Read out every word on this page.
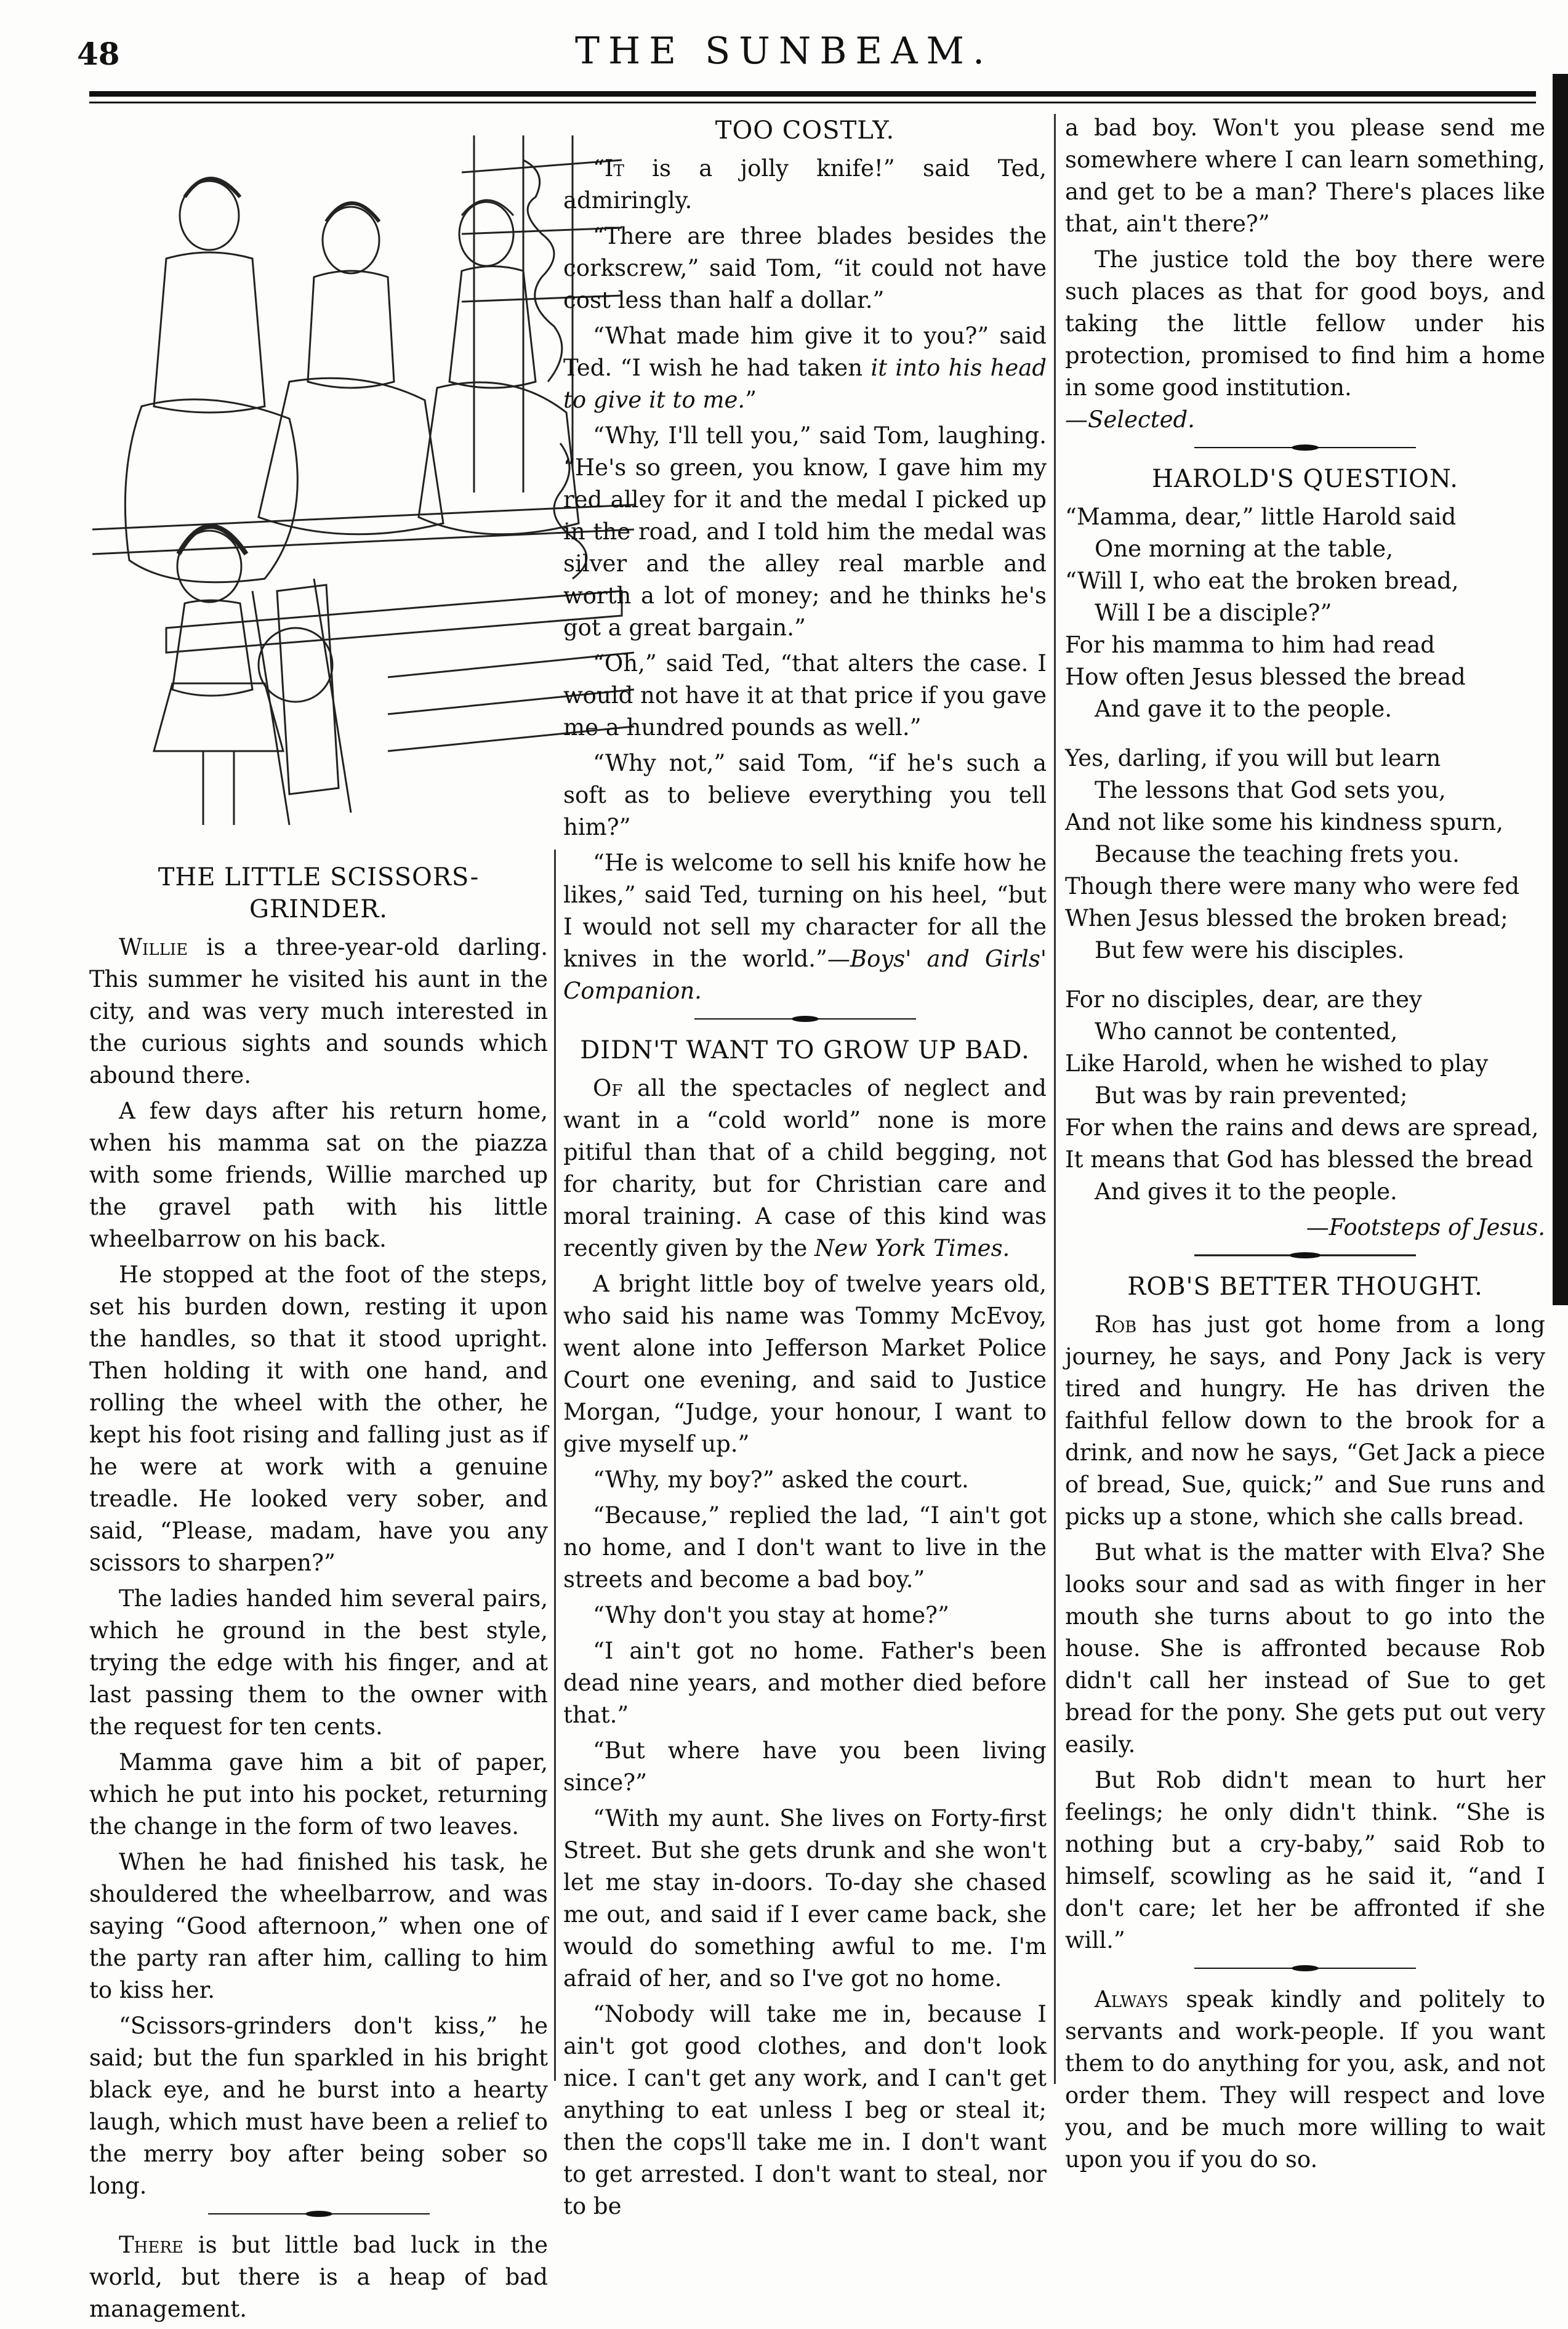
48	THE SUNBEAM.
THE LITTLE SCISSORS-GRINDER.

Willie is a three-year-old darling. This summer he visited his aunt in the city, and was very much interested in the curious sights and sounds which abound there.

A few days after his return home, when his mamma sat on the piazza with some friends, Willie marched up the gravel path with his little wheelbarrow on his back.

He stopped at the foot of the steps, set his burden down, resting it upon the handles, so that it stood upright. Then holding it with one hand, and rolling the wheel with the other, he kept his foot rising and falling just as if he were at work with a genuine treadle. He looked very sober, and said, “Please, madam, have you any scissors to sharpen?”

The ladies handed him several pairs, which he ground in the best style, trying the edge with his finger, and at last passing them to the owner with the request for ten cents.

Mamma gave him a bit of paper, which he put into his pocket, returning the change in the form of two leaves.

When he had finished his task, he shouldered the wheelbarrow, and was saying “Good afternoon,” when one of the party ran after him, calling to him to kiss her.

“Scissors-grinders don't kiss,” he said; but the fun sparkled in his bright black eye, and he burst into a hearty laugh, which must have been a relief to the merry boy after being sober so long.

There is but little bad luck in the world, but there is a heap of bad management.

TOO COSTLY.

“It is a jolly knife!” said Ted, admiringly.

“There are three blades besides the corkscrew,” said Tom, “it could not have cost less than half a dollar.”

“What made him give it to you?” said Ted. “I wish he had taken it into his head to give it to me.”

“Why, I'll tell you,” said Tom, laughing. “He's so green, you know, I gave him my red alley for it and the medal I picked up in the road, and I told him the medal was silver and the alley real marble and worth a lot of money; and he thinks he's got a great bargain.”

“Oh,” said Ted, “that alters the case. I would not have it at that price if you gave me a hundred pounds as well.”

“Why not,” said Tom, “if he's such a soft as to believe everything you tell him?”

“He is welcome to sell his knife how he likes,” said Ted, turning on his heel, “but I would not sell my character for all the knives in the world.”—Boys' and Girls' Companion.

DIDN'T WANT TO GROW UP BAD.

Of all the spectacles of neglect and want in a “cold world” none is more pitiful than that of a child begging, not for charity, but for Christian care and moral training. A case of this kind was recently given by the New York Times.

A bright little boy of twelve years old, who said his name was Tommy McEvoy, went alone into Jefferson Market Police Court one evening, and said to Justice Morgan, “Judge, your honour, I want to give myself up.”

“Why, my boy?” asked the court.

“Because,” replied the lad, “I ain't got no home, and I don't want to live in the streets and become a bad boy.”

“Why don't you stay at home?”

“I ain't got no home. Father's been dead nine years, and mother died before that.”

“But where have you been living since?”

“With my aunt. She lives on Forty-first Street. But she gets drunk and she won't let me stay in-doors. To-day she chased me out, and said if I ever came back, she would do something awful to me. I'm afraid of her, and so I've got no home.

“Nobody will take me in, because I ain't got good clothes, and don't look nice. I can't get any work, and I can't get anything to eat unless I beg or steal it; then the cops'll take me in. I don't want to get arrested. I don't want to steal, nor to be

a bad boy. Won't you please send me somewhere where I can learn something, and get to be a man? There's places like that, ain't there?”

The justice told the boy there were such places as that for good boys, and taking the little fellow under his protection, promised to find him a home in some good institution.
—Selected.

HAROLD'S QUESTION.
“Mamma, dear,” little Harold said
One morning at the table,
“Will I, who eat the broken bread,
Will I be a disciple?”
For his mamma to him had read
How often Jesus blessed the bread
And gave it to the people.
Yes, darling, if you will but learn
The lessons that God sets you,
And not like some his kindness spurn,
Because the teaching frets you.
Though there were many who were fed
When Jesus blessed the broken bread;
But few were his disciples.
For no disciples, dear, are they
Who cannot be contented,
Like Harold, when he wished to play
But was by rain prevented;
For when the rains and dews are spread,
It means that God has blessed the bread
And gives it to the people.
—Footsteps of Jesus.
ROB'S BETTER THOUGHT.

Rob has just got home from a long journey, he says, and Pony Jack is very tired and hungry. He has driven the faithful fellow down to the brook for a drink, and now he says, “Get Jack a piece of bread, Sue, quick;” and Sue runs and picks up a stone, which she calls bread.

But what is the matter with Elva? She looks sour and sad as with finger in her mouth she turns about to go into the house. She is affronted because Rob didn't call her instead of Sue to get bread for the pony. She gets put out very easily.

But Rob didn't mean to hurt her feelings; he only didn't think. “She is nothing but a cry-baby,” said Rob to himself, scowling as he said it, “and I don't care; let her be affronted if she will.”

Always speak kindly and politely to servants and work-people. If you want them to do anything for you, ask, and not order them. They will respect and love you, and be much more willing to wait upon you if you do so.
